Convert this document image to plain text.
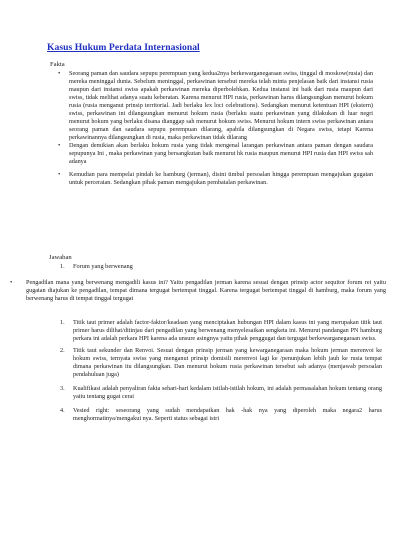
Kasus Hukum Perdata Internasional
Fakta
• Seorang paman dan saudara sepupu perempuan yang kedua2nya berkewarganegaraan swiss, tinggal di moskow(rusia) dan mereka meninggal dunia. Sebelum meninggal, perkawinan tersebut mereka telah minta penjelasan baik dari instansi rusia maupun dari instansi swiss apakah perkawinan mereka diperbolehkan. Kedua instansi ini baik dari rusia maupun dari swiss, tidak melihat adanya suatu keberatan. Karena menurut HPI rusia, perkawinan harus dilangsungkan menurut hokum rusia (rusia menganut prinsip territorial. Jadi berlaku lex loci celebrations). Sedangkan menurut ketentuan HPI (ekstern) swiss, perkawinan ini dilangsungkan menurut hokum rusia (berlaku suatu perkawinan yang dilakukan di luar negri menurut hokum yang berlaku disana dianggap sah menurut hokum swiss. Menurut hokum intern swiss perkawinan antara seorang paman dan saudara sepupu perempuan dilarang, apabila dilangsungkan di Negara swiss, tetapi Karena perkawinannya dilangsungkan di rusia, maka perkawinan tidak dilarang
• Dengan demikian akan berlaku hokum rusia yang tidak mengenal larangan perkawinan antara paman dengan saudara sepupunya Ini , maka perkawinan yang bersangkutan baik menurut hk rusia maupun menurut HPI rusia dan HPI swiss sah adanya
• Kemudian para mempelai pindah ke hamburg (jerman), disini timbul persoalan hingga perempuan mengajukan gugatan untuk perceraian. Sedangkan pihak paman mengajukan pembatalan perkawinan.
Jawaban
1. Forum yang berwenang
• Pengadilan mana yang berwenang mengadili kasus ini? Yaitu pengadilan jerman karena sesuai dengan prinsip actor sequitor forum rei yaitu gugatan diajukan ke pengadilan, tempat dimana tergugat bertempat tinggal. Karena tergugat bertempat tinggal di hamburg, maka forum yang berwenang harus di tempat tinggal tergugat
1. Titik taut primer adalah factor-faktor/keadaan yang menciptakan hubungan HPI dalam kasus ini yang merupakan titik taut primer harus dilihat/ditinjau dari pengadilan yang berwenang menyelesaikan sengketa ini. Menurut pandangan PN hamburg perkara ini adalah perkara HPI karena ada unsure asingnya yaitu pihak penggugat dan tergugat berkewarganegaraan swiss.
2. Titik taut sekunder dan Renvoi. Sesuai dengan prinsip jerman yang kewarganegaraan maka hokum jerman merenvoi ke hokum swiss, ternyata swiss yang menganut prinsip domisili merenvoi lagi ke /penunjukan lebih jauh ke rusia tempat dimana perkawinan itu dilangsungkan. Dan menurut hokum rusia perkawinan tersebut sah adanya (menjawab persoalan pendahuluan juga)
3. Kualifikasi adalah penyaliran fakta sehari-hari kedalam istilah-istilah hokum, ini adalah permasalahan hokum tentang orang yaitu tentang gugat cerai
4. Vested right: seseorang yang sudah mendapatkan hak -hak nya yang diperoleh maka negara2 harus menghormatinya/mengakui nya. Seperti status sebagai istri
